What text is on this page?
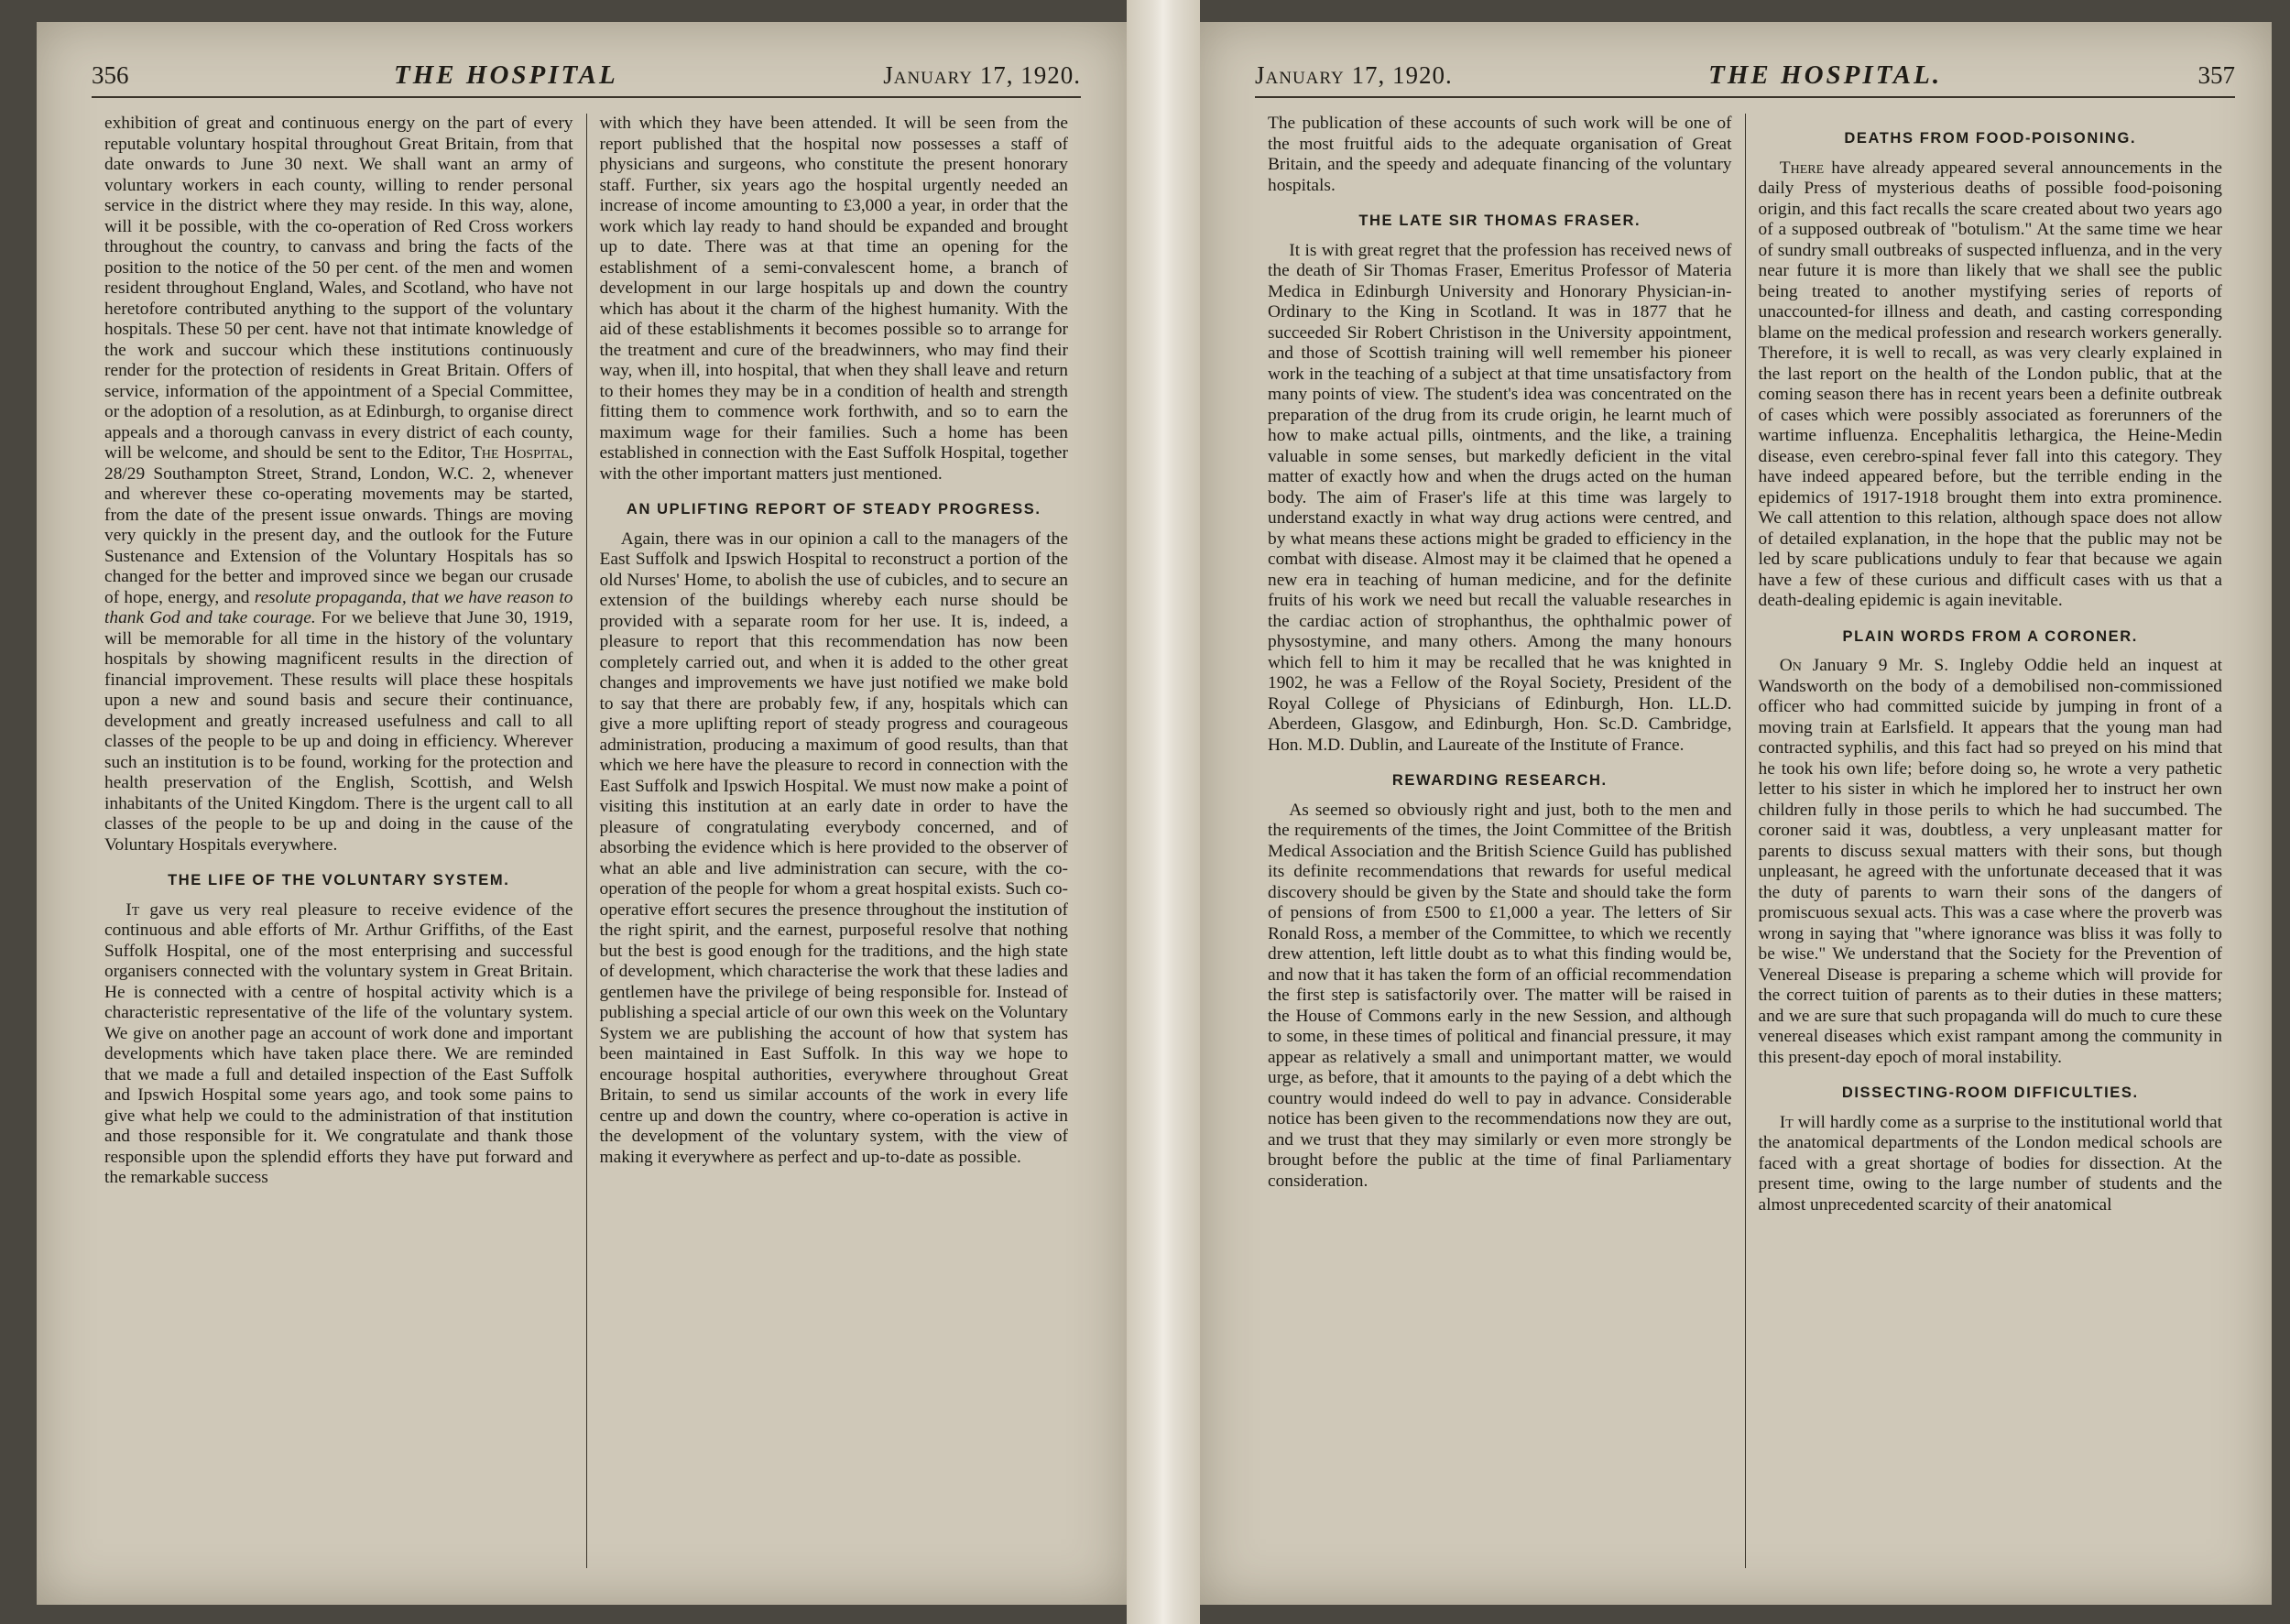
356	THE HOSPITAL	January 17, 1920.

exhibition of great and continuous energy on the part of every reputable voluntary hospital throughout Great Britain, from that date onwards to June 30 next. We shall want an army of voluntary workers in each county, willing to render personal service in the district where they may reside. In this way, alone, will it be possible, with the co-operation of Red Cross workers throughout the country, to canvass and bring the facts of the position to the notice of the 50 per cent. of the men and women resident throughout England, Wales, and Scotland, who have not heretofore contributed anything to the support of the voluntary hospitals. These 50 per cent. have not that intimate knowledge of the work and succour which these institutions continuously render for the protection of residents in Great Britain. Offers of service, information of the appointment of a Special Committee, or the adoption of a resolution, as at Edinburgh, to organise direct appeals and a thorough canvass in every district of each county, will be welcome, and should be sent to the Editor, The Hospital, 28/29 Southampton Street, Strand, London, W.C. 2, whenever and wherever these co-operating movements may be started, from the date of the present issue onwards. Things are moving very quickly in the present day, and the outlook for the Future Sustenance and Extension of the Voluntary Hospitals has so changed for the better and improved since we began our crusade of hope, energy, and resolute propaganda, that we have reason to thank God and take courage. For we believe that June 30, 1919, will be memorable for all time in the history of the voluntary hospitals by showing magnificent results in the direction of financial improvement. These results will place these hospitals upon a new and sound basis and secure their continuance, development and greatly increased usefulness and call to all classes of the people to be up and doing in efficiency. Wherever such an institution is to be found, working for the protection and health preservation of the English, Scottish, and Welsh inhabitants of the United Kingdom. There is the urgent call to all classes of the people to be up and doing in the cause of the Voluntary Hospitals everywhere.

THE LIFE OF THE VOLUNTARY SYSTEM.

It gave us very real pleasure to receive evidence of the continuous and able efforts of Mr. Arthur Griffiths, of the East Suffolk Hospital, one of the most enterprising and successful organisers connected with the voluntary system in Great Britain. He is connected with a centre of hospital activity which is a characteristic representative of the life of the voluntary system. We give on another page an account of work done and important developments which have taken place there. We are reminded that we made a full and detailed inspection of the East Suffolk and Ipswich Hospital some years ago, and took some pains to give what help we could to the administration of that institution and those responsible for it. We congratulate and thank those responsible upon the splendid efforts they have put forward and the remarkable success

with which they have been attended. It will be seen from the report published that the hospital now possesses a staff of physicians and surgeons, who constitute the present honorary staff. Further, six years ago the hospital urgently needed an increase of income amounting to £3,000 a year, in order that the work which lay ready to hand should be expanded and brought up to date. There was at that time an opening for the establishment of a semi-convalescent home, a branch of development in our large hospitals up and down the country which has about it the charm of the highest humanity. With the aid of these establishments it becomes possible so to arrange for the treatment and cure of the breadwinners, who may find their way, when ill, into hospital, that when they shall leave and return to their homes they may be in a condition of health and strength fitting them to commence work forthwith, and so to earn the maximum wage for their families. Such a home has been established in connection with the East Suffolk Hospital, together with the other important matters just mentioned.

AN UPLIFTING REPORT OF STEADY PROGRESS.

Again, there was in our opinion a call to the managers of the East Suffolk and Ipswich Hospital to reconstruct a portion of the old Nurses' Home, to abolish the use of cubicles, and to secure an extension of the buildings whereby each nurse should be provided with a separate room for her use. It is, indeed, a pleasure to report that this recommendation has now been completely carried out, and when it is added to the other great changes and improvements we have just notified we make bold to say that there are probably few, if any, hospitals which can give a more uplifting report of steady progress and courageous administration, producing a maximum of good results, than that which we here have the pleasure to record in connection with the East Suffolk and Ipswich Hospital. We must now make a point of visiting this institution at an early date in order to have the pleasure of congratulating everybody concerned, and of absorbing the evidence which is here provided to the observer of what an able and live administration can secure, with the co-operation of the people for whom a great hospital exists. Such co-operative effort secures the presence throughout the institution of the right spirit, and the earnest, purposeful resolve that nothing but the best is good enough for the traditions, and the high state of development, which characterise the work that these ladies and gentlemen have the privilege of being responsible for. Instead of publishing a special article of our own this week on the Voluntary System we are publishing the account of how that system has been maintained in East Suffolk. In this way we hope to encourage hospital authorities, everywhere throughout Great Britain, to send us similar accounts of the work in every life centre up and down the country, where co-operation is active in the development of the voluntary system, with the view of making it everywhere as perfect and up-to-date as possible.

January 17, 1920.	THE HOSPITAL.	357

The publication of these accounts of such work will be one of the most fruitful aids to the adequate organisation of Great Britain, and the speedy and adequate financing of the voluntary hospitals.

THE LATE SIR THOMAS FRASER.

It is with great regret that the profession has received news of the death of Sir Thomas Fraser, Emeritus Professor of Materia Medica in Edinburgh University and Honorary Physician-in-Ordinary to the King in Scotland. It was in 1877 that he succeeded Sir Robert Christison in the University appointment, and those of Scottish training will well remember his pioneer work in the teaching of a subject at that time unsatisfactory from many points of view. The student's idea was concentrated on the preparation of the drug from its crude origin, he learnt much of how to make actual pills, ointments, and the like, a training valuable in some senses, but markedly deficient in the vital matter of exactly how and when the drugs acted on the human body. The aim of Fraser's life at this time was largely to understand exactly in what way drug actions were centred, and by what means these actions might be graded to efficiency in the combat with disease. Almost may it be claimed that he opened a new era in teaching of human medicine, and for the definite fruits of his work we need but recall the valuable researches in the cardiac action of strophanthus, the ophthalmic power of physostymine, and many others. Among the many honours which fell to him it may be recalled that he was knighted in 1902, he was a Fellow of the Royal Society, President of the Royal College of Physicians of Edinburgh, Hon. LL.D. Aberdeen, Glasgow, and Edinburgh, Hon. Sc.D. Cambridge, Hon. M.D. Dublin, and Laureate of the Institute of France.

REWARDING RESEARCH.

As seemed so obviously right and just, both to the men and the requirements of the times, the Joint Committee of the British Medical Association and the British Science Guild has published its definite recommendations that rewards for useful medical discovery should be given by the State and should take the form of pensions of from £500 to £1,000 a year. The letters of Sir Ronald Ross, a member of the Committee, to which we recently drew attention, left little doubt as to what this finding would be, and now that it has taken the form of an official recommendation the first step is satisfactorily over. The matter will be raised in the House of Commons early in the new Session, and although to some, in these times of political and financial pressure, it may appear as relatively a small and unimportant matter, we would urge, as before, that it amounts to the paying of a debt which the country would indeed do well to pay in advance. Considerable notice has been given to the recommendations now they are out, and we trust that they may similarly or even more strongly be brought before the public at the time of final Parliamentary consideration.

DEATHS FROM FOOD-POISONING.

There have already appeared several announcements in the daily Press of mysterious deaths of possible food-poisoning origin, and this fact recalls the scare created about two years ago of a supposed outbreak of "botulism." At the same time we hear of sundry small outbreaks of suspected influenza, and in the very near future it is more than likely that we shall see the public being treated to another mystifying series of reports of unaccounted-for illness and death, and casting corresponding blame on the medical profession and research workers generally. Therefore, it is well to recall, as was very clearly explained in the last report on the health of the London public, that at the coming season there has in recent years been a definite outbreak of cases which were possibly associated as forerunners of the wartime influenza. Encephalitis lethargica, the Heine-Medin disease, even cerebro-spinal fever fall into this category. They have indeed appeared before, but the terrible ending in the epidemics of 1917-1918 brought them into extra prominence. We call attention to this relation, although space does not allow of detailed explanation, in the hope that the public may not be led by scare publications unduly to fear that because we again have a few of these curious and difficult cases with us that a death-dealing epidemic is again inevitable.

PLAIN WORDS FROM A CORONER.

On January 9 Mr. S. Ingleby Oddie held an inquest at Wandsworth on the body of a demobilised non-commissioned officer who had committed suicide by jumping in front of a moving train at Earlsfield. It appears that the young man had contracted syphilis, and this fact had so preyed on his mind that he took his own life; before doing so, he wrote a very pathetic letter to his sister in which he implored her to instruct her own children fully in those perils to which he had succumbed. The coroner said it was, doubtless, a very unpleasant matter for parents to discuss sexual matters with their sons, but though unpleasant, he agreed with the unfortunate deceased that it was the duty of parents to warn their sons of the dangers of promiscuous sexual acts. This was a case where the proverb was wrong in saying that "where ignorance was bliss it was folly to be wise." We understand that the Society for the Prevention of Venereal Disease is preparing a scheme which will provide for the correct tuition of parents as to their duties in these matters; and we are sure that such propaganda will do much to cure these venereal diseases which exist rampant among the community in this present-day epoch of moral instability.

DISSECTING-ROOM DIFFICULTIES.

It will hardly come as a surprise to the institutional world that the anatomical departments of the London medical schools are faced with a great shortage of bodies for dissection. At the present time, owing to the large number of students and the almost unprecedented scarcity of their anatomical
